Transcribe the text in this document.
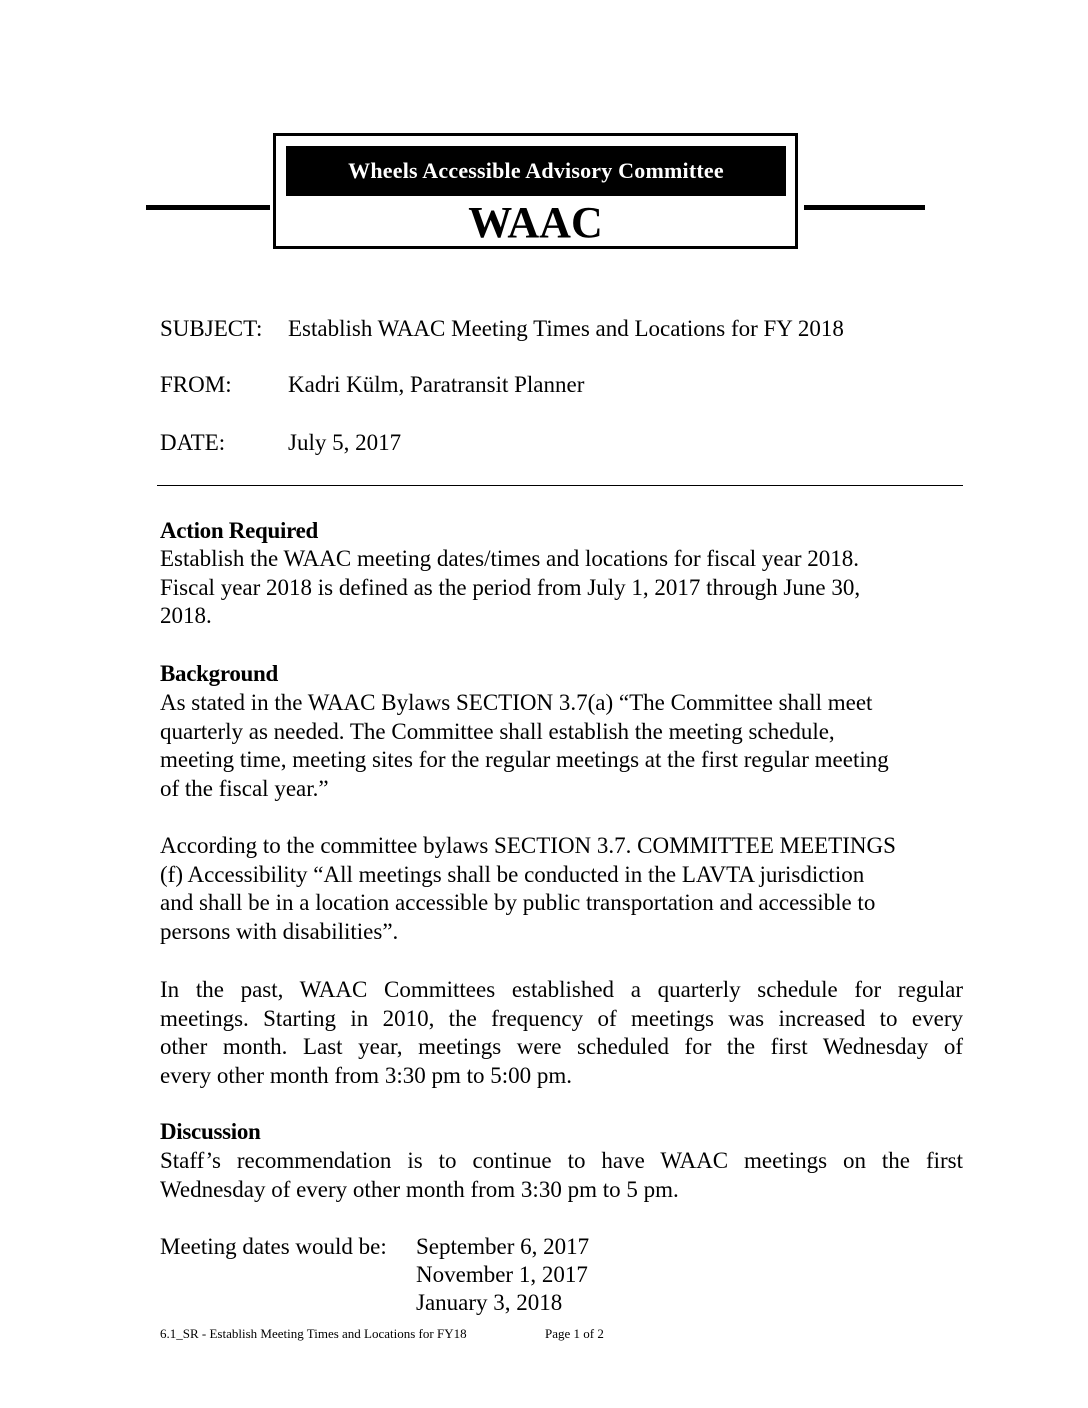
Wheels Accessible Advisory Committee
WAAC
SUBJECT: Establish WAAC Meeting Times and Locations for FY 2018
FROM: Kadri Külm, Paratransit Planner
DATE:	July 5, 2017
Action Required
Establish the WAAC meeting dates/times and locations for fiscal year 2018.
Fiscal year 2018 is defined as the period from July 1, 2017 through June 30,
2018.
Background
As stated in the WAAC Bylaws SECTION 3.7(a) “The Committee shall meet
quarterly as needed. The Committee shall establish the meeting schedule,
meeting time, meeting sites for the regular meetings at the first regular meeting
of the fiscal year.”
According to the committee bylaws SECTION 3.7. COMMITTEE MEETINGS
(f) Accessibility “All meetings shall be conducted in the LAVTA jurisdiction
and shall be in a location accessible by public transportation and accessible to
persons with disabilities”.
In the past, WAAC Committees established a quarterly schedule for regular
meetings. Starting in 2010, the frequency of meetings was increased to every
other month. Last year, meetings were scheduled for the first Wednesday of
every other month from 3:30 pm to 5:00 pm.
Discussion
Staff’s recommendation is to continue to have WAAC meetings on the first
Wednesday of every other month from 3:30 pm to 5 pm.
Meeting dates would be: September 6, 2017
November 1, 2017
January 3, 2018
6.1_SR - Establish Meeting Times and Locations for FY18	Page 1 of 2
